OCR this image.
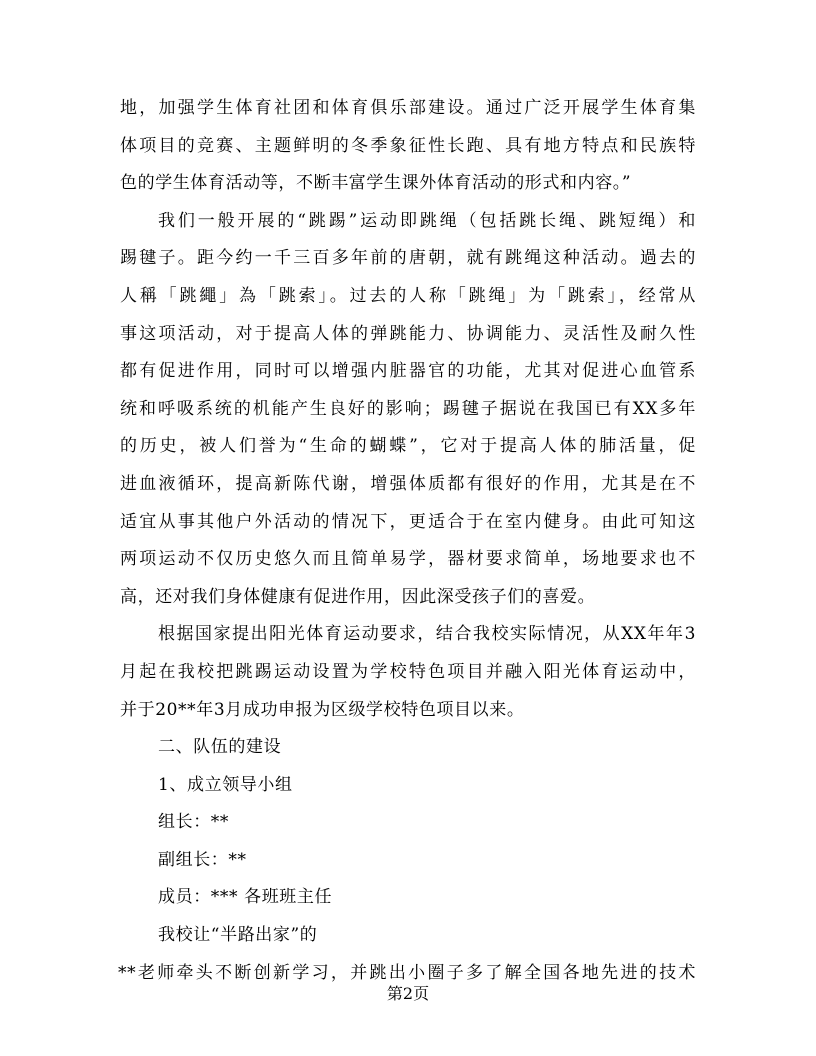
地，加强学生体育社团和体育俱乐部建设。通过广泛开展学生体育集
体项目的竞赛、主题鲜明的冬季象征性长跑、具有地方特点和民族特
色的学生体育活动等，不断丰富学生课外体育活动的形式和内容。”
我们一般开展的“跳踢”运动即跳绳（包括跳长绳、跳短绳）和
踢毽子。距今约一千三百多年前的唐朝，就有跳绳这种活动。過去的
人稱「跳繩」為「跳索」。过去的人称「跳绳」为「跳索」，经常从
事这项活动，对于提高人体的弹跳能力、协调能力、灵活性及耐久性
都有促进作用，同时可以增强内脏器官的功能，尤其对促进心血管系
统和呼吸系统的机能产生良好的影响；踢毽子据说在我国已有XX多年
的历史，被人们誉为“生命的蝴蝶”，它对于提高人体的肺活量，促
进血液循环，提高新陈代谢，增强体质都有很好的作用，尤其是在不
适宜从事其他户外活动的情况下，更适合于在室内健身。由此可知这
两项运动不仅历史悠久而且简单易学，器材要求简单，场地要求也不
高，还对我们身体健康有促进作用，因此深受孩子们的喜爱。
根据国家提出阳光体育运动要求，结合我校实际情况，从XX年年3
月起在我校把跳踢运动设置为学校特色项目并融入阳光体育运动中，
并于20**年3月成功申报为区级学校特色项目以来。
二、队伍的建设
1、成立领导小组
组长：**
副组长：**
成员：*** 各班班主任
我校让“半路出家”的
**老师牵头不断创新学习，并跳出小圈子多了解全国各地先进的技术
第2页
